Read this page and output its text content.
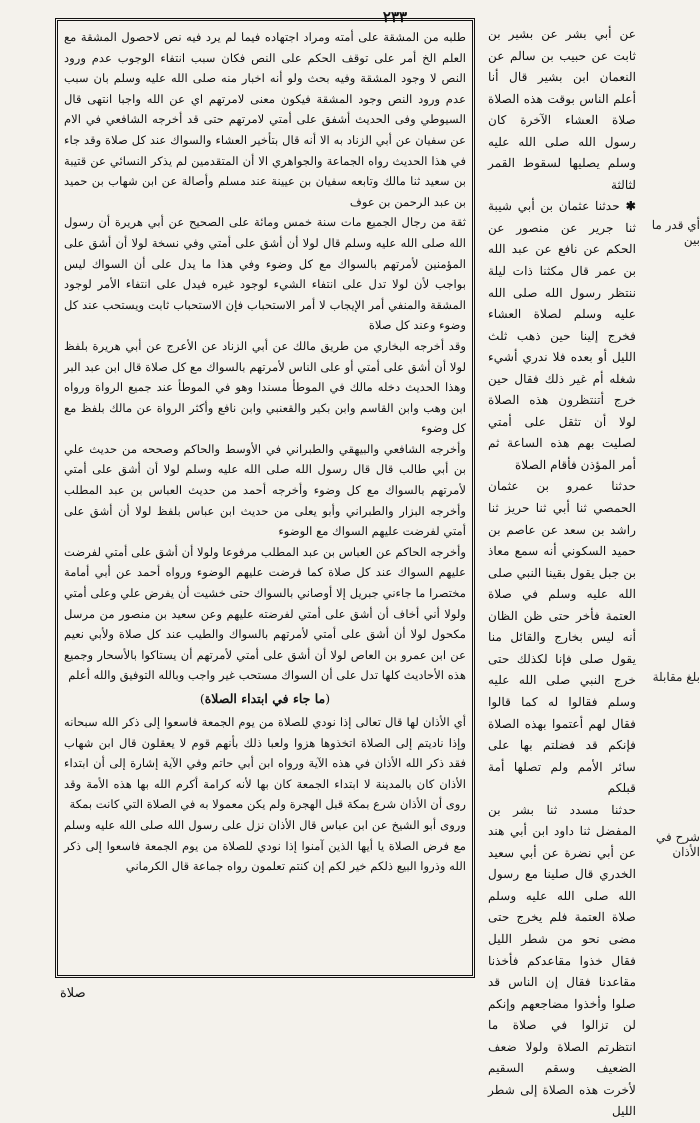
٢٣٣

طلبه من المشقة على أمته ومراد اجتهاده فيما لم يرد فيه نص لاحصول المشقة مع العلم الخ أمر على توقف الحكم على النص فكان سبب انتفاء الوجوب عدم ورود النص لا وجود المشقة وفيه بحث ولو أنه اخبار منه صلى الله عليه وسلم بان سبب عدم ورود النص وجود المشقة فيكون معنى لامرتهم اي عن الله واجبا انتهى قال السيوطي وفى الحديث أشفق على أمتي لامرتهم حتى قد أخرجه الشافعي في الام عن سفيان عن أبي الزناد به الا أنه قال بتأخير العشاء والسواك عند كل صلاة وقد جاء في هذا الحديث رواه الجماعة والجواهري الا أن المتقدمين لم يذكر النسائي عن قتيبة بن سعيد ثنا مالك وتابعه سفيان بن عيينة عند مسلم وأصالة عن ابن شهاب بن حميد بن عبد الرحمن بن عوف

ثقة من رجال الجميع مات سنة خمس ومائة على الصحيح عن أبي هريرة أن رسول الله صلى الله عليه وسلم قال لولا أن أشق على أمتي وفي نسخة لولا أن أشق على المؤمنين لأمرتهم بالسواك مع كل وضوء وفي هذا ما يدل على أن السواك ليس بواجب لأن لولا تدل على انتفاء الشيء لوجود غيره فيدل على انتفاء الأمر لوجود المشقة والمنفي أمر الإيجاب لا أمر الاستحباب فإن الاستحباب ثابت ويستحب عند كل وضوء وعند كل صلاة

وقد أخرجه البخاري من طريق مالك عن أبي الزناد عن الأعرج عن أبي هريرة بلفظ لولا أن أشق على أمتي أو على الناس لأمرتهم بالسواك مع كل صلاة قال ابن عبد البر وهذا الحديث دخله مالك في الموطأ مسندا وهو في الموطأ عند جميع الرواة ورواه ابن وهب وابن القاسم وابن بكير والقعنبي وابن نافع وأكثر الرواة عن مالك بلفظ مع كل وضوء

وأخرجه الشافعي والبيهقي والطبراني في الأوسط والحاكم وصححه من حديث علي بن أبي طالب قال قال رسول الله صلى الله عليه وسلم لولا أن أشق على أمتي لأمرتهم بالسواك مع كل وضوء وأخرجه أحمد من حديث العباس بن عبد المطلب وأخرجه البزار والطبراني وأبو يعلى من حديث ابن عباس بلفظ لولا أن أشق على أمتي لفرضت عليهم السواك مع الوضوء

وأخرجه الحاكم عن العباس بن عبد المطلب مرفوعا ولولا أن أشق على أمتي لفرضت عليهم السواك عند كل صلاة كما فرضت عليهم الوضوء ورواه أحمد عن أبي أمامة مختصرا ما جاءني جبريل إلا أوصاني بالسواك حتى خشيت أن يفرض علي وعلى أمتي ولولا أني أخاف أن أشق على أمتي لفرضته عليهم وعن سعيد بن منصور من مرسل مكحول لولا أن أشق على أمتي لأمرتهم بالسواك والطيب عند كل صلاة ولأبي نعيم عن ابن عمرو بن العاص لولا أن أشق على أمتي لأمرتهم أن يستاكوا بالأسحار وجميع هذه الأحاديث كلها تدل على أن السواك مستحب غير واجب وبالله التوفيق والله أعلم

(ما جاء في ابتداء الصلاة)

أي الأذان لها قال تعالى إذا نودي للصلاة من يوم الجمعة فاسعوا إلى ذكر الله سبحانه وإذا ناديتم إلى الصلاة اتخذوها هزوا ولعبا ذلك بأنهم قوم لا يعقلون قال ابن شهاب فقد ذكر الله الأذان في هذه الآية ورواه ابن أبي حاتم وفي الآية إشارة إلى أن ابتداء الأذان كان بالمدينة لا ابتداء الجمعة كان بها لأنه كرامة أكرم الله بها هذه الأمة وقد روى أن الأذان شرع بمكة قبل الهجرة ولم يكن معمولا به في الصلاة التي كانت بمكة

وروى أبو الشيخ عن ابن عباس قال الأذان نزل على رسول الله صلى الله عليه وسلم مع فرض الصلاة يا أيها الذين آمنوا إذا نودي للصلاة من يوم الجمعة فاسعوا إلى ذكر الله وذروا البيع ذلكم خير لكم إن كنتم تعلمون رواه جماعة قال الكرماني

عن أبي بشر عن بشير بن ثابت عن حبيب بن سالم عن النعمان ابن بشير قال أنا أعلم الناس بوقت هذه الصلاة صلاة العشاء الآخرة كان رسول الله صلى الله عليه وسلم يصليها لسقوط القمر لثالثة

✱ حدثنا عثمان بن أبي شيبة ثنا جرير عن منصور عن الحكم عن نافع عن عبد الله بن عمر قال مكثنا ذات ليلة ننتظر رسول الله صلى الله عليه وسلم لصلاة العشاء فخرج إلينا حين ذهب ثلث الليل أو بعده فلا ندري أشيء شغله أم غير ذلك فقال حين خرج أتنتظرون هذه الصلاة لولا أن تثقل على أمتي لصليت بهم هذه الساعة ثم أمر المؤذن فأقام الصلاة

حدثنا عمرو بن عثمان الحمصي ثنا أبي ثنا حريز ثنا راشد بن سعد عن عاصم بن حميد السكوني أنه سمع معاذ بن جبل يقول بقينا النبي صلى الله عليه وسلم في صلاة العتمة فأخر حتى ظن الظان أنه ليس بخارج والقائل منا يقول صلى فإنا لكذلك حتى خرج النبي صلى الله عليه وسلم فقالوا له كما قالوا فقال لهم أعتموا بهذه الصلاة فإنكم قد فضلتم بها على سائر الأمم ولم تصلها أمة قبلكم

حدثنا مسدد ثنا بشر بن المفضل ثنا داود ابن أبي هند عن أبي نضرة عن أبي سعيد الخدري قال صلينا مع رسول الله صلى الله عليه وسلم صلاة العتمة فلم يخرج حتى مضى نحو من شطر الليل فقال خذوا مقاعدكم فأخذنا مقاعدنا فقال إن الناس قد صلوا وأخذوا مضاجعهم وإنكم لن تزالوا في صلاة ما انتظرتم الصلاة ولولا ضعف الضعيف وسقم السقيم لأخرت هذه الصلاة إلى شطر الليل

أي قدر ما بين
بلغ مقابلة
شرح في الأذان
صلاة
